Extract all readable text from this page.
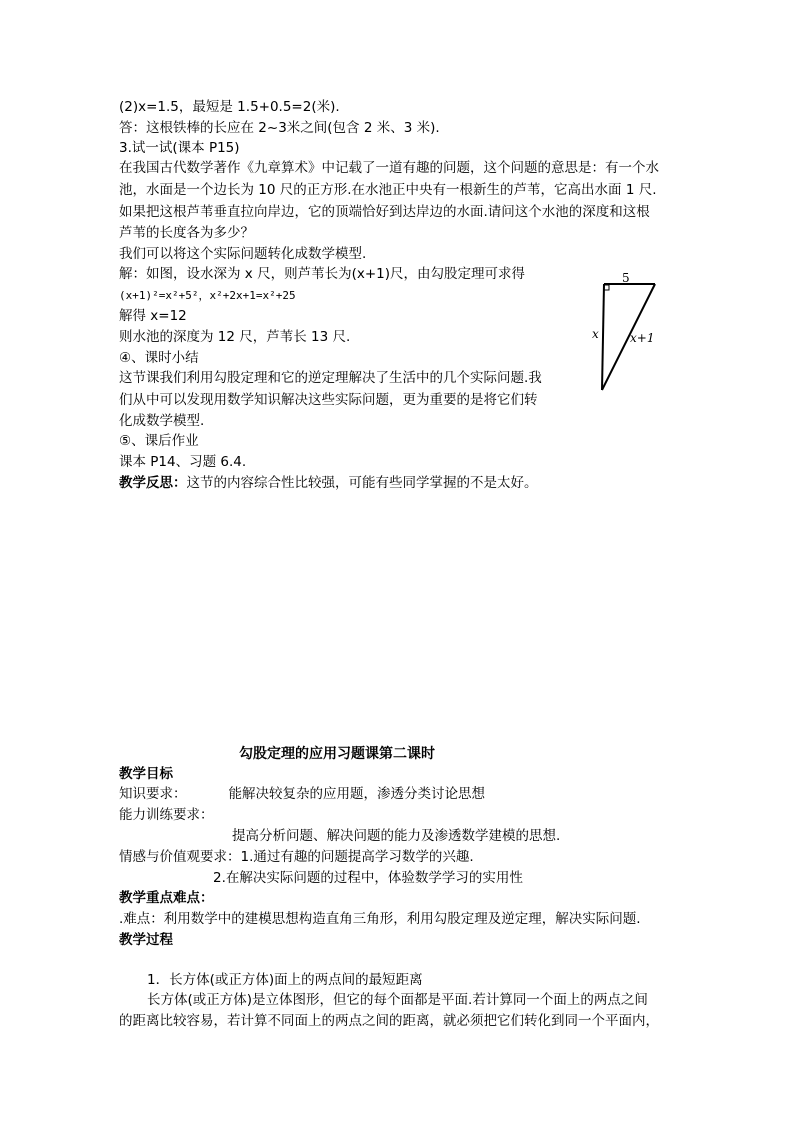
(2)x=1.5，最短是 1.5+0.5=2(米).
答：这根铁棒的长应在 2~3米之间(包含 2 米、3 米).
3.试一试(课本 P15)
在我国古代数学著作《九章算术》中记载了一道有趣的问题，这个问题的意思是：有一个水
池，水面是一个边长为 10 尺的正方形.在水池正中央有一根新生的芦苇，它高出水面 1 尺.
如果把这根芦苇垂直拉向岸边，它的顶端恰好到达岸边的水面.请问这个水池的深度和这根
芦苇的长度各为多少？
我们可以将这个实际问题转化成数学模型.
解：如图，设水深为 x 尺，则芦苇长为(x+1)尺，由勾股定理可求得
(x+1)²=x²+5²，x²+2x+1=x²+25
解得 x=12
则水池的深度为 12 尺，芦苇长 13 尺.
④、课时小结
这节课我们利用勾股定理和它的逆定理解决了生活中的几个实际问题.我
们从中可以发现用数学知识解决这些实际问题，更为重要的是将它们转
化成数学模型.
⑤、课后作业
课本 P14、习题 6.4.
教学反思：这节的内容综合性比较强，可能有些同学掌握的不是太好。
5
x	x+1
勾股定理的应用习题课第二课时
教学目标
知识要求：	能解决较复杂的应用题，渗透分类讨论思想
能力训练要求：
提高分析问题、解决问题的能力及渗透数学建模的思想.
情感与价值观要求：1.通过有趣的问题提高学习数学的兴趣.
2.在解决实际问题的过程中，体验数学学习的实用性
教学重点难点：
.难点：利用数学中的建模思想构造直角三角形，利用勾股定理及逆定理，解决实际问题.
教学过程
1．长方体(或正方体)面上的两点间的最短距离
长方体(或正方体)是立体图形，但它的每个面都是平面.若计算同一个面上的两点之间
的距离比较容易，若计算不同面上的两点之间的距离，就必须把它们转化到同一个平面内，
